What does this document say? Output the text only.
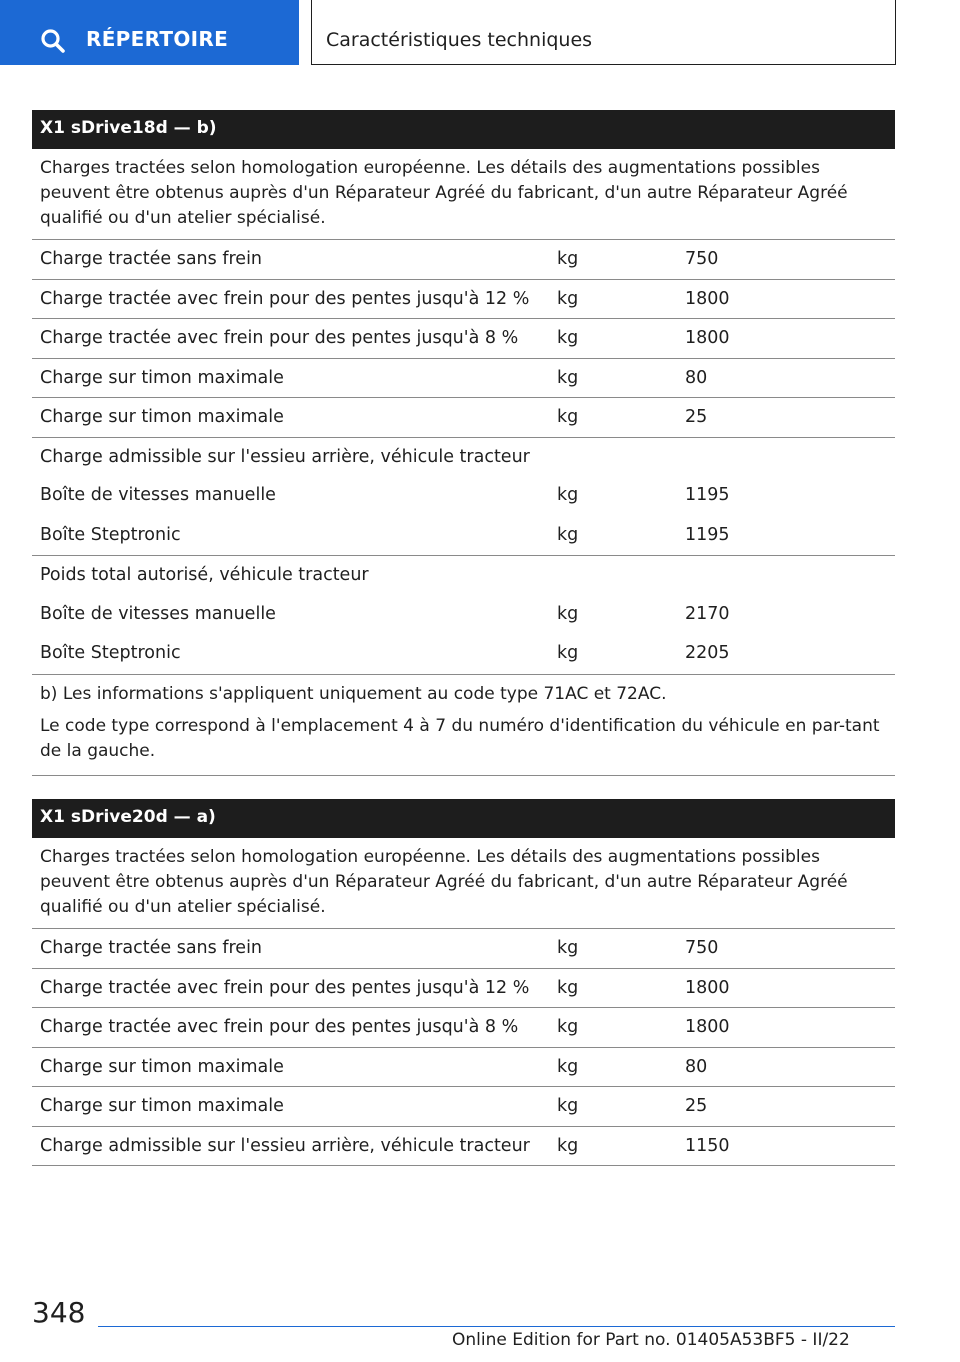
RÉPERTOIRE	Caractéristiques techniques
X1 sDrive18d — b)
Charges tractées selon homologation européenne. Les détails des augmentations possibles peuvent être obtenus auprès d'un Réparateur Agréé du fabricant, d'un autre Réparateur Agréé qualifié ou d'un atelier spécialisé.
Charge tractée sans frein	kg	750
Charge tractée avec frein pour des pentes jusqu'à 12 % kg	1800
Charge tractée avec frein pour des pentes jusqu'à 8 % kg	1800
Charge sur timon maximale	kg	80
Charge sur timon maximale	kg	25
Charge admissible sur l'essieu arrière, véhicule tracteur
Boîte de vitesses manuelle	kg	1195
Boîte Steptronic	kg	1195
Poids total autorisé, véhicule tracteur
Boîte de vitesses manuelle	kg	2170
Boîte Steptronic	kg	2205

b) Les informations s'appliquent uniquement au code type 71AC et 72AC.

Le code type correspond à l'emplacement 4 à 7 du numéro d'identification du véhicule en par-tant de la gauche.

X1 sDrive20d — a)
Charges tractées selon homologation européenne. Les détails des augmentations possibles peuvent être obtenus auprès d'un Réparateur Agréé du fabricant, d'un autre Réparateur Agréé qualifié ou d'un atelier spécialisé.
Charge tractée sans frein	kg	750
Charge tractée avec frein pour des pentes jusqu'à 12 % kg	1800
Charge tractée avec frein pour des pentes jusqu'à 8 % kg	1800
Charge sur timon maximale	kg	80
Charge sur timon maximale	kg	25
Charge admissible sur l'essieu arrière, véhicule tracteur kg	1150
348
Online Edition for Part no. 01405A53BF5 - II/22
